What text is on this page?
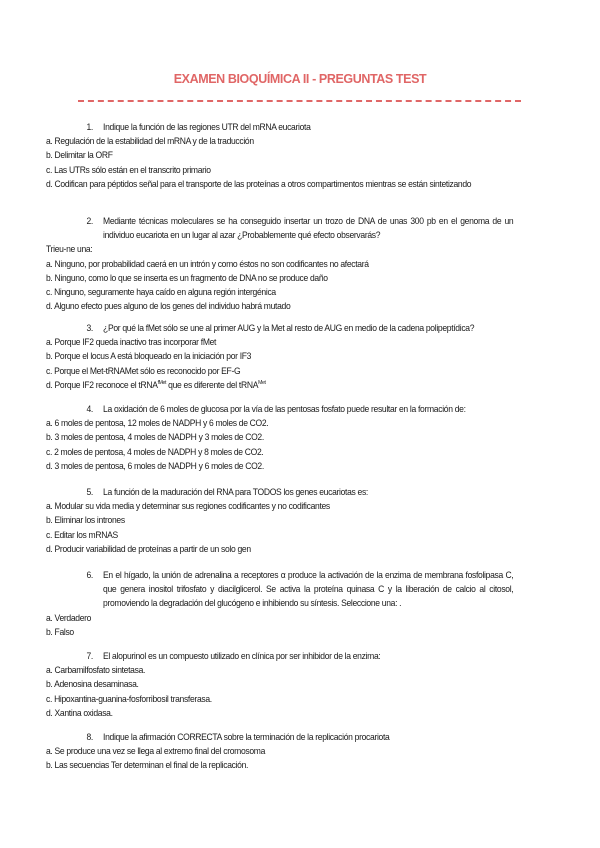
EXAMEN BIOQUÍMICA II - PREGUNTAS TEST
1.	Indique la función de las regiones UTR del mRNA eucariota
a. Regulación de la estabilidad del mRNA y de la traducción
b. Delimitar la ORF
c. Las UTRs sólo están en el transcrito primario
d. Codifican para péptidos señal para el transporte de las proteínas a otros compartimentos mientras se están sintetizando
2.	Mediante técnicas moleculares se ha conseguido insertar un trozo de DNA de unas 300 pb en el genoma de un individuo eucariota en un lugar al azar ¿Probablemente qué efecto observarás?
Trieu-ne una:
a. Ninguno, por probabilidad caerá en un intrón y como éstos no son codificantes no afectará
b. Ninguno, como lo que se inserta es un fragmento de DNA no se produce daño
c. Ninguno, seguramente haya caído en alguna región intergénica
d. Alguno efecto pues alguno de los genes del individuo habrá mutado
3.	¿Por qué la fMet sólo se une al primer AUG y la Met al resto de AUG en medio de la cadena polipeptídica?
a. Porque IF2 queda inactivo tras incorporar fMet
b. Porque el locus A está bloqueado en la iniciación por IF3
c. Porque el Met-tRNAMet sólo es reconocido por EF-G
d. Porque IF2 reconoce el tRNA$^{fMet}$ que es diferente del tRNA$^{Met}$
4.	La oxidación de 6 moles de glucosa por la vía de las pentosas fosfato puede resultar en la formación de:
a. 6 moles de pentosa, 12 moles de NADPH y 6 moles de CO2.
b. 3 moles de pentosa, 4 moles de NADPH y 3 moles de CO2.
c. 2 moles de pentosa, 4 moles de NADPH y 8 moles de CO2.
d. 3 moles de pentosa, 6 moles de NADPH y 6 moles de CO2.
5.	La función de la maduración del RNA para TODOS los genes eucariotas es:
a. Modular su vida media y determinar sus regiones codificantes y no codificantes
b. Eliminar los intrones
c. Editar los mRNAS
d. Producir variabilidad de proteínas a partir de un solo gen
6.	En el hígado, la unión de adrenalina a receptores α produce la activación de la enzima de membrana fosfolipasa C, que genera inositol trifosfato y diacilglicerol. Se activa la proteína quinasa C y la liberación de calcio al citosol, promoviendo la degradación del glucógeno e inhibiendo su síntesis. Seleccione una: .
a. Verdadero
b. Falso
7.	El alopurinol es un compuesto utilizado en clínica por ser inhibidor de la enzima:
a. Carbamilfosfato sintetasa.
b. Adenosina desaminasa.
c. Hipoxantina-guanina-fosforribosil transferasa.
d. Xantina oxidasa.
8.	Indique la afirmación CORRECTA sobre la terminación de la replicación procariota
a. Se produce una vez se llega al extremo final del cromosoma
b. Las secuencias Ter determinan el final de la replicación.
